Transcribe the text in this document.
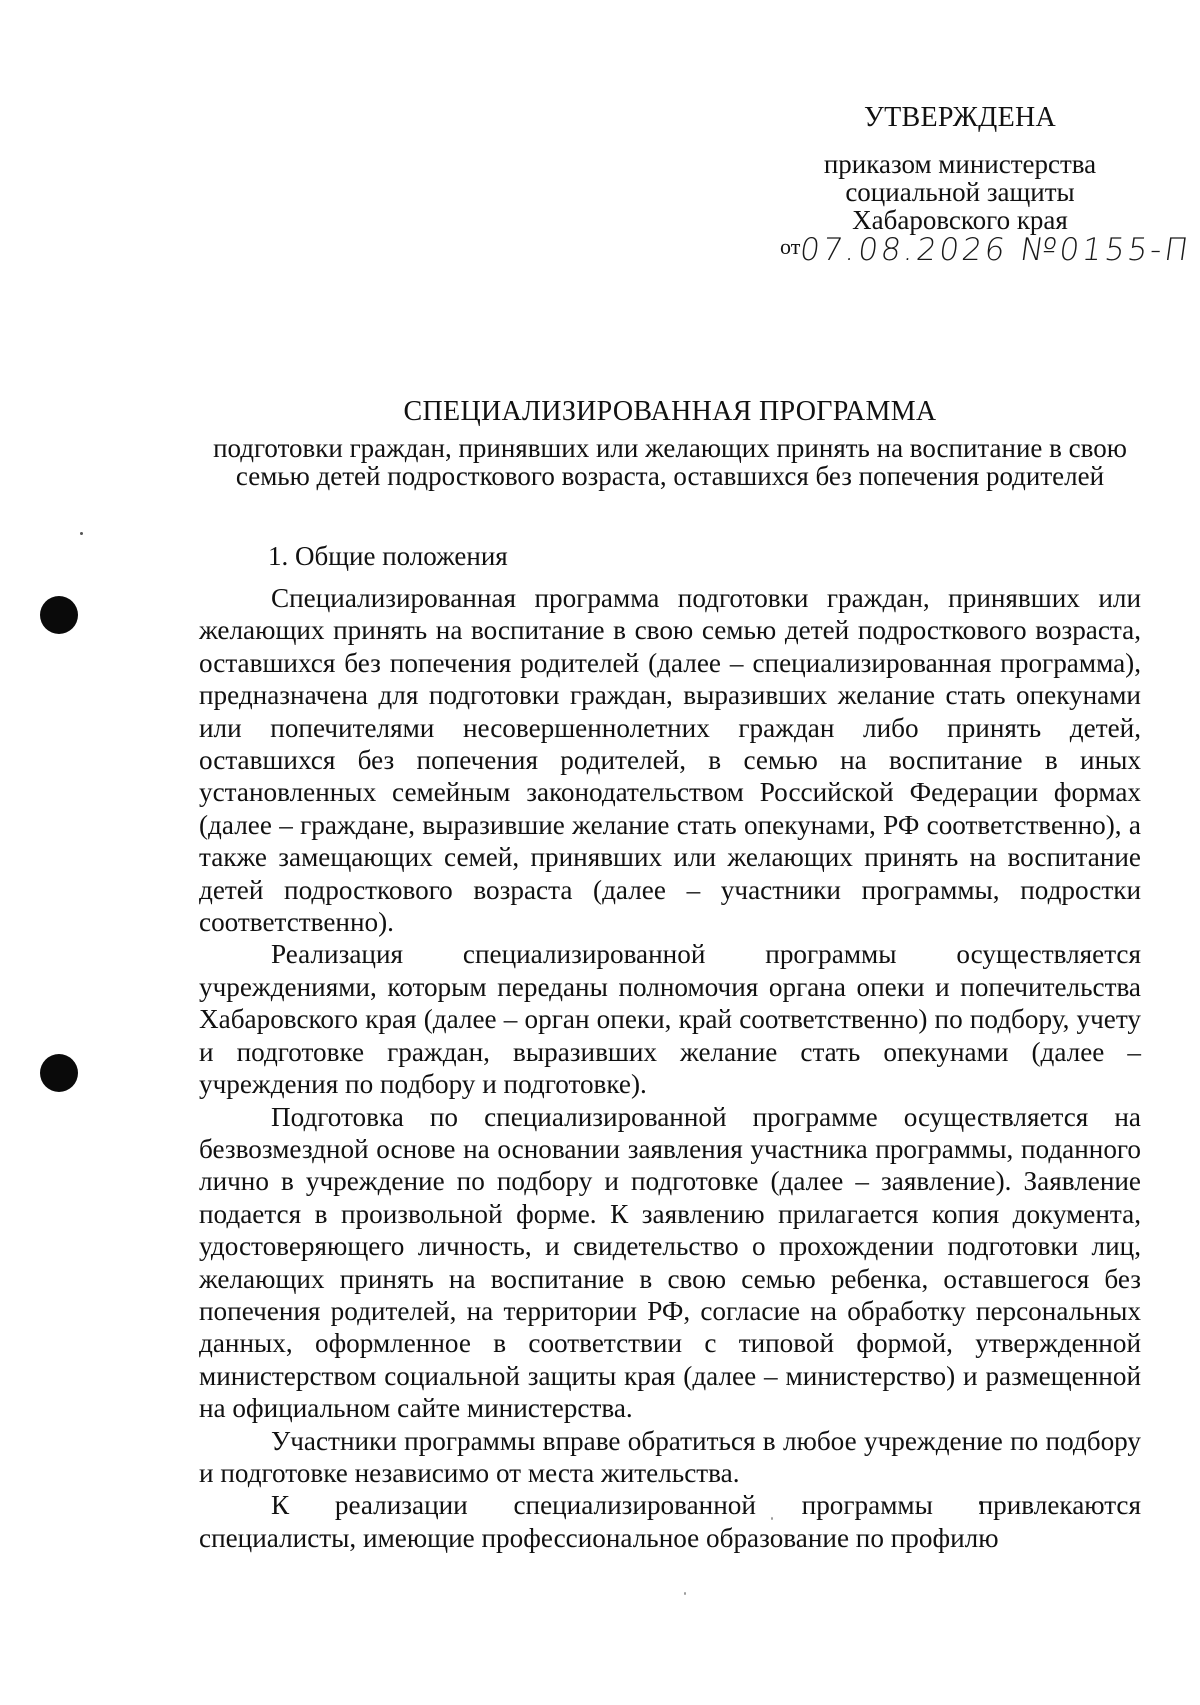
УТВЕРЖДЕНА
приказом министерства
социальной защиты
Хабаровского края
от07.08.2026 №0155-П
СПЕЦИАЛИЗИРОВАННАЯ ПРОГРАММА
подготовки граждан, принявших или желающих принять на воспитание в свою семью детей подросткового возраста, оставшихся без попечения родителей
1. Общие положения

Специализированная программа подготовки граждан, принявших или желающих принять на воспитание в свою семью детей подросткового возраста, оставшихся без попечения родителей (далее – специализированная программа), предназначена для подготовки граждан, выразивших желание стать опекунами или попечителями несовершеннолетних граждан либо принять детей, оставшихся без попечения родителей, в семью на воспитание в иных установленных семейным законодательством Российской Федерации формах (далее – граждане, выразившие желание стать опекунами, РФ соответственно), а также замещающих семей, принявших или желающих принять на воспитание детей подросткового возраста (далее – участники программы, подростки соответственно).

Реализация специализированной программы осуществляется учреждениями, которым переданы полномочия органа опеки и попечительства Хабаровского края (далее – орган опеки, край соответственно) по подбору, учету и подготовке граждан, выразивших желание стать опекунами (далее – учреждения по подбору и подготовке).

Подготовка по специализированной программе осуществляется на безвозмездной основе на основании заявления участника программы, поданного лично в учреждение по подбору и подготовке (далее – заявление). Заявление подается в произвольной форме. К заявлению прилагается копия документа, удостоверяющего личность, и свидетельство о прохождении подготовки лиц, желающих принять на воспитание в свою семью ребенка, оставшегося без попечения родителей, на территории РФ, согласие на обработку персональных данных, оформленное в соответствии с типовой формой, утвержденной министерством социальной защиты края (далее – министерство) и размещенной на официальном сайте министерства.

Участники программы вправе обратиться в любое учреждение по подбору и подготовке независимо от места жительства.

К реализации специализированной программы привлекаются специалисты, имеющие профессиональное образование по профилю
